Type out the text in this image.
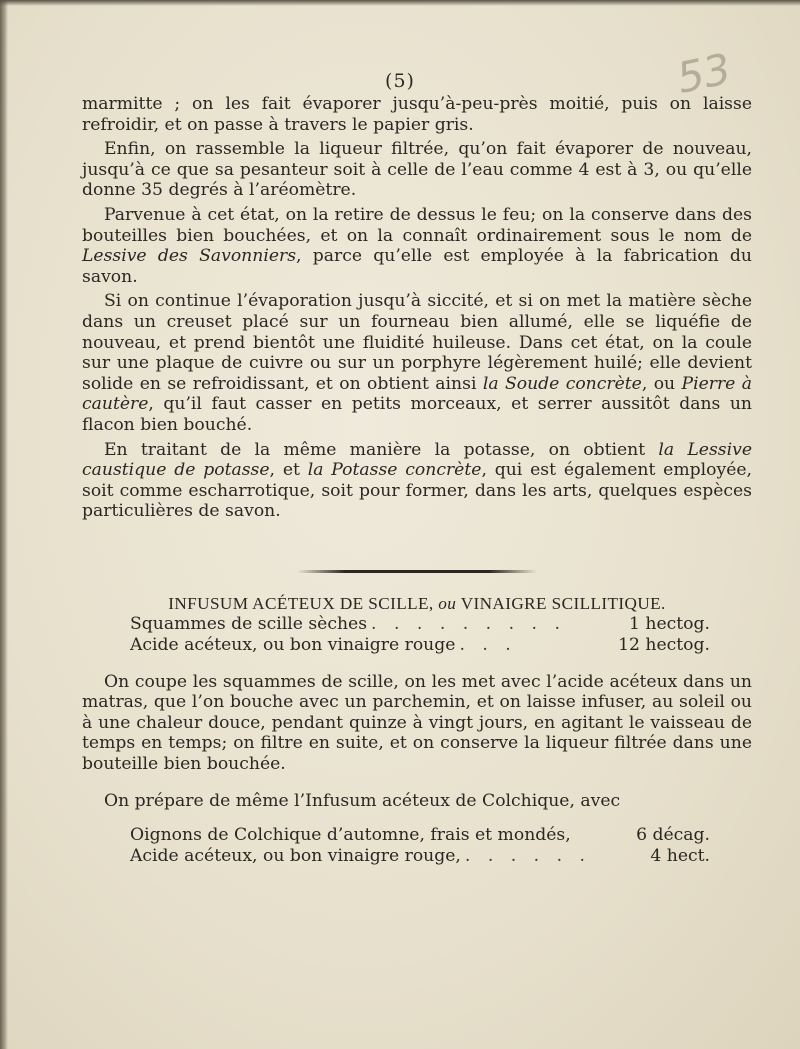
(5)	53

marmitte ; on les fait évaporer jusqu’à-peu-près moitié, puis on laisse refroidir, et on passe à travers le papier gris.

Enfin, on rassemble la liqueur filtrée, qu’on fait évaporer de nouveau, jusqu’à ce que sa pesanteur soit à celle de l’eau comme 4 est à 3, ou qu’elle donne 35 degrés à l’aréomètre.

Parvenue à cet état, on la retire de dessus le feu; on la conserve dans des bouteilles bien bouchées, et on la connaît ordinairement sous le nom de Lessive des Savonniers, parce qu’elle est employée à la fabrication du savon.

Si on continue l’évaporation jusqu’à siccité, et si on met la matière sèche dans un creuset placé sur un fourneau bien allumé, elle se liquéfie de nouveau, et prend bientôt une fluidité huileuse. Dans cet état, on la coule sur une plaque de cuivre ou sur un porphyre légèrement huilé; elle devient solide en se refroidissant, et on obtient ainsi la Soude concrète, ou Pierre à cautère, qu’il faut casser en petits morceaux, et serrer aussitôt dans un flacon bien bouché.

En traitant de la même manière la potasse, on obtient la Lessive caustique de potasse, et la Potasse concrète, qui est également employée, soit comme escharrotique, soit pour former, dans les arts, quelques espèces particulières de savon.

INFUSUM ACÉTEUX DE SCILLE, ou VINAIGRE SCILLITIQUE.

Squammes de scille sèches . . . . . . . . .	1 hectog.
Acide acéteux, ou bon vinaigre rouge . . .	12 hectog.

On coupe les squammes de scille, on les met avec l’acide acéteux dans un matras, que l’on bouche avec un parchemin, et on laisse infuser, au soleil ou à une chaleur douce, pendant quinze à vingt jours, en agitant le vaisseau de temps en temps; on filtre en suite, et on conserve la liqueur filtrée dans une bouteille bien bouchée.

On prépare de même l’Infusum acéteux de Colchique, avec

Oignons de Colchique d’automne, frais et mondés,	6 décag.
Acide acéteux, ou bon vinaigre rouge, . . . . . .	4 hect.
